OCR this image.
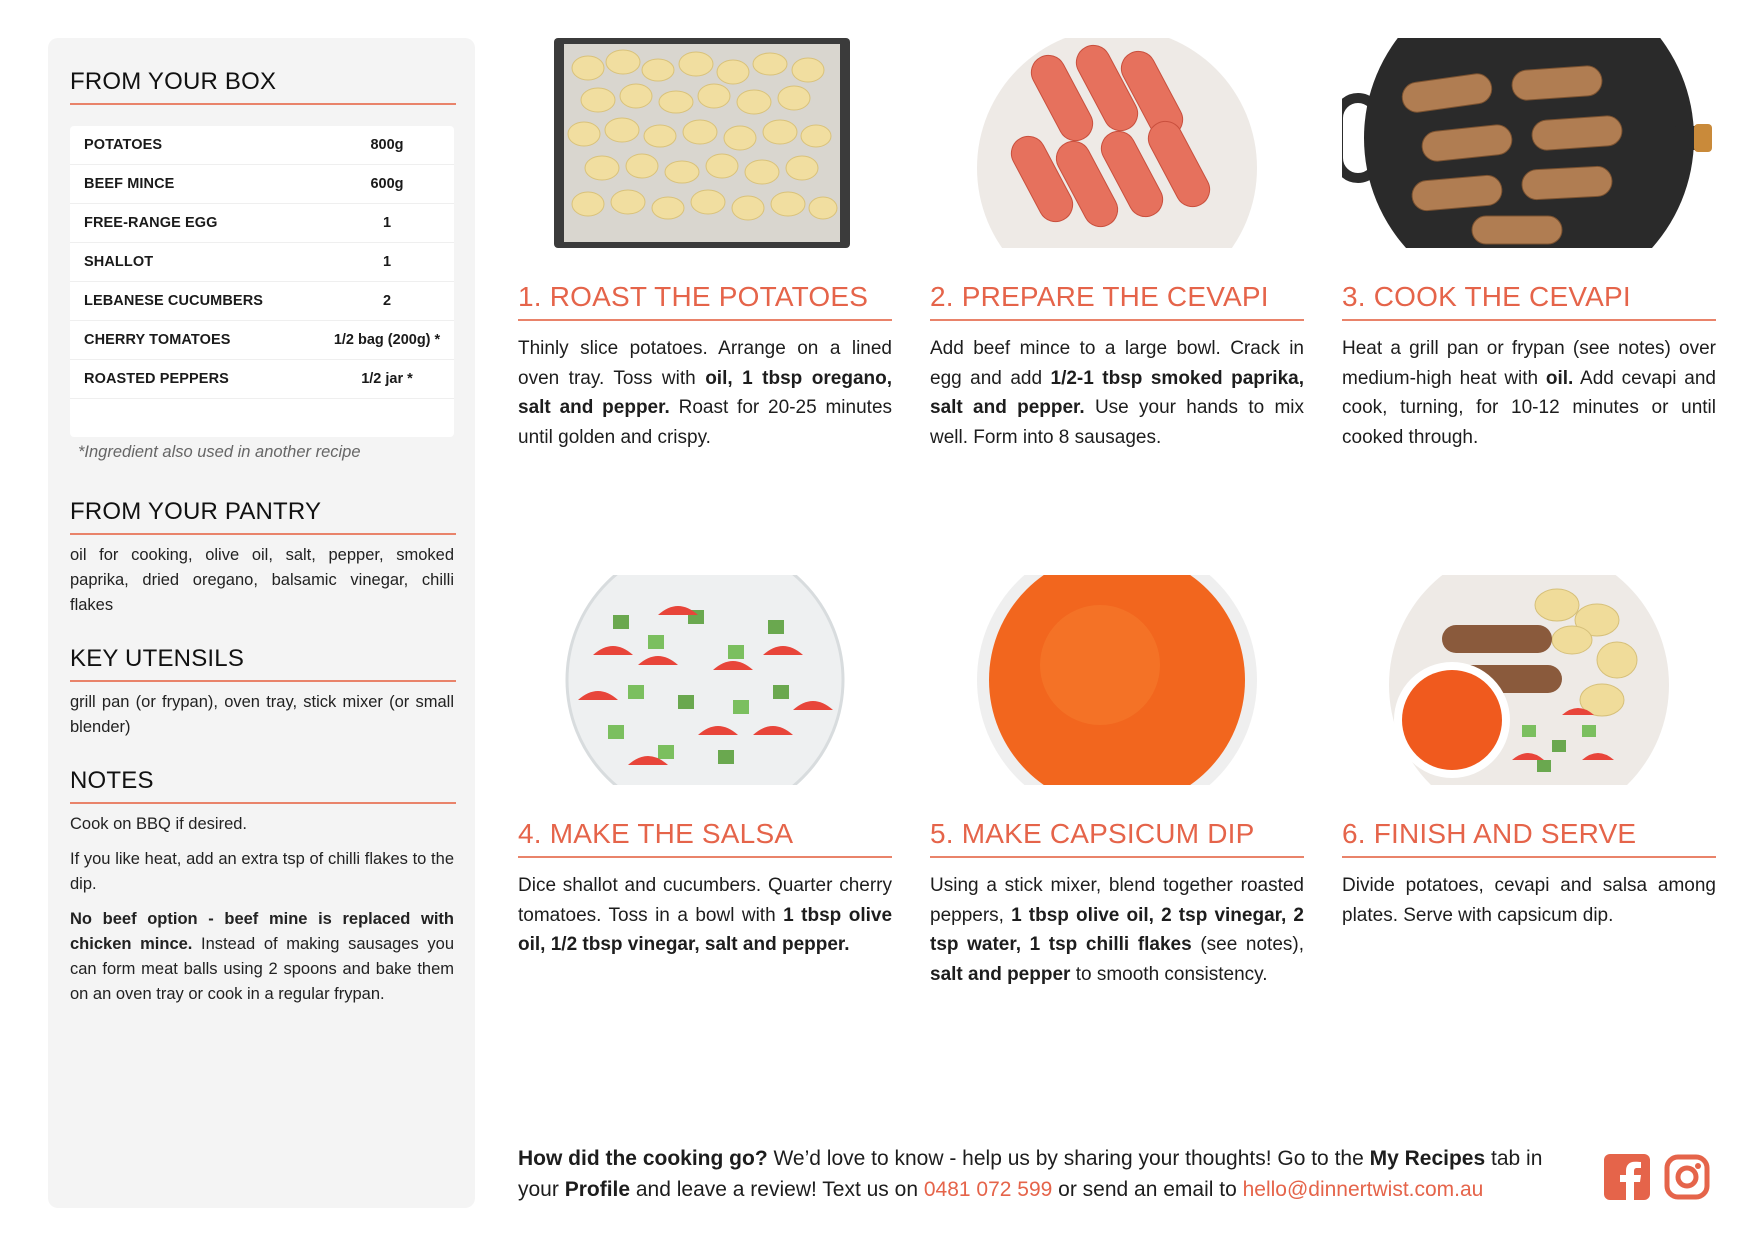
FROM YOUR BOX
POTATOES	800g
BEEF MINCE	600g
FREE-RANGE EGG	1
SHALLOT	1
LEBANESE CUCUMBERS	2
CHERRY TOMATOES	1/2 bag (200g) *
ROASTED PEPPERS	1/2 jar *
*Ingredient also used in another recipe
FROM YOUR PANTRY
oil for cooking, olive oil, salt, pepper, smoked paprika, dried oregano, balsamic vinegar, chilli flakes
KEY UTENSILS
grill pan (or frypan), oven tray, stick mixer (or small blender)
NOTES

Cook on BBQ if desired.

If you like heat, add an extra tsp of chilli flakes to the dip.

No beef option - beef mine is replaced with chicken mince. Instead of making sausages you can form meat balls using 2 spoons and bake them on an oven tray or cook in a regular frypan.

1. ROAST THE POTATOES
Thinly slice potatoes. Arrange on a lined oven tray. Toss with oil, 1 tbsp oregano, salt and pepper. Roast for 20-25 minutes until golden and crispy.
2. PREPARE THE CEVAPI
Add beef mince to a large bowl. Crack in egg and add 1/2-1 tbsp smoked paprika, salt and pepper. Use your hands to mix well. Form into 8 sausages.
3. COOK THE CEVAPI
Heat a grill pan or frypan (see notes) over medium-high heat with oil. Add cevapi and cook, turning, for 10-12 minutes or until cooked through.
4. MAKE THE SALSA
Dice shallot and cucumbers. Quarter cherry tomatoes. Toss in a bowl with 1 tbsp olive oil, 1/2 tbsp vinegar, salt and pepper.
5. MAKE CAPSICUM DIP
Using a stick mixer, blend together roasted peppers, 1 tbsp olive oil, 2 tsp vinegar, 2 tsp water, 1 tsp chilli flakes (see notes), salt and pepper to smooth consistency.
6. FINISH AND SERVE
Divide potatoes, cevapi and salsa among plates. Serve with capsicum dip.
How did the cooking go? We’d love to know - help us by sharing your thoughts! Go to the My Recipes tab in your Profile and leave a review! Text us on 0481 072 599 or send an email to hello@dinnertwist.com.au
